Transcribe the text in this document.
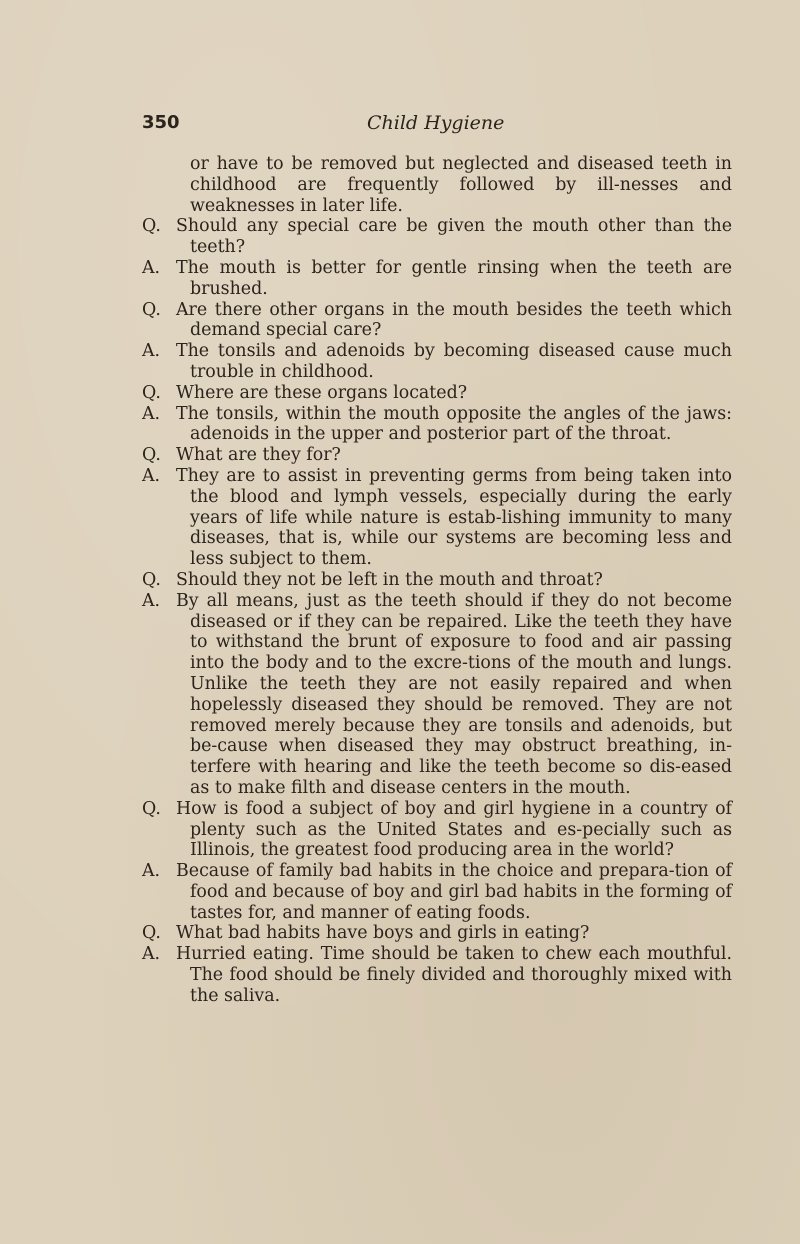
350	Child Hygiene
or have to be removed but neglected and diseased teeth in childhood are frequently followed by ill-nesses and weaknesses in later life.
Q. Should any special care be given the mouth other than the teeth?
A. The mouth is better for gentle rinsing when the teeth are brushed.
Q. Are there other organs in the mouth besides the teeth which demand special care?
A. The tonsils and adenoids by becoming diseased cause much trouble in childhood.
Q. Where are these organs located?
A. The tonsils, within the mouth opposite the angles of the jaws: adenoids in the upper and posterior part of the throat.
Q. What are they for?
A. They are to assist in preventing germs from being taken into the blood and lymph vessels, especially during the early years of life while nature is estab-lishing immunity to many diseases, that is, while our systems are becoming less and less subject to them.
Q. Should they not be left in the mouth and throat?
A. By all means, just as the teeth should if they do not become diseased or if they can be repaired. Like the teeth they have to withstand the brunt of exposure to food and air passing into the body and to the excre-tions of the mouth and lungs. Unlike the teeth they are not easily repaired and when hopelessly diseased they should be removed. They are not removed merely because they are tonsils and adenoids, but be-cause when diseased they may obstruct breathing, in-terfere with hearing and like the teeth become so dis-eased as to make filth and disease centers in the mouth.
Q. How is food a subject of boy and girl hygiene in a country of plenty such as the United States and es-pecially such as Illinois, the greatest food producing area in the world?
A. Because of family bad habits in the choice and prepara-tion of food and because of boy and girl bad habits in the forming of tastes for, and manner of eating foods.
Q. What bad habits have boys and girls in eating?
A. Hurried eating. Time should be taken to chew each mouthful. The food should be finely divided and thoroughly mixed with the saliva.
